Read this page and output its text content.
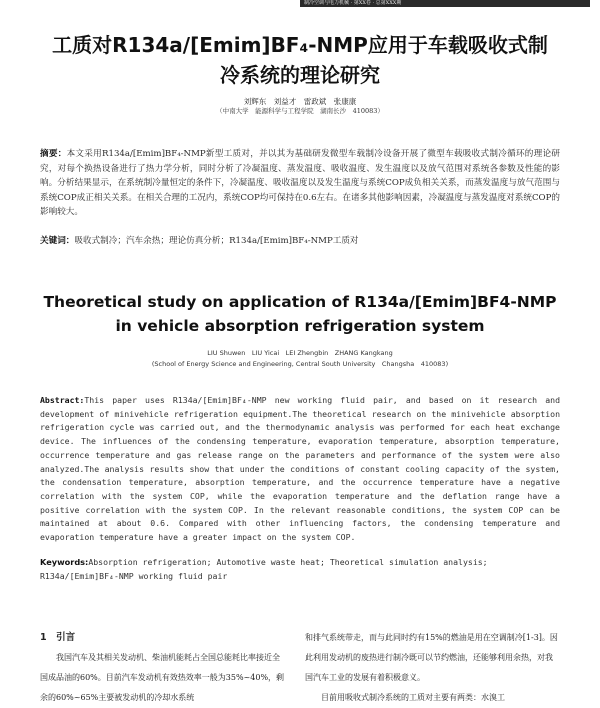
制冷空调与电力机械 · 第XX卷 · 总第XXX期
工质对R134a/[Emim]BF₄-NMP应用于车载吸收式制
冷系统的理论研究
刘辉东　刘益才　雷政斌　张康康
（中南大学　能源科学与工程学院　湖南长沙　410083）
摘要：本文采用R134a/[Emim]BF₄-NMP新型工质对，并以其为基础研发微型车载制冷设备开展了微型车载吸收式制冷循环的理论研究，对每个换热设备进行了热力学分析，同时分析了冷凝温度、蒸发温度、吸收温度、发生温度以及放气范围对系统各参数及性能的影响。分析结果显示，在系统制冷量恒定的条件下，冷凝温度、吸收温度以及发生温度与系统COP成负相关关系，而蒸发温度与放气范围与系统COP成正相关关系。在相关合理的工况内，系统COP均可保持在0.6左右。在诸多其他影响因素，冷凝温度与蒸发温度对系统COP的影响较大。
关键词：吸收式制冷；汽车余热；理论仿真分析；R134a/[Emim]BF₄-NMP工质对
Theoretical study on application of R134a/[Emim]BF4-NMP
in vehicle absorption refrigeration system
LIU Shuwen　LIU Yicai　LEI Zhengbin　ZHANG Kangkang
(School of Energy Science and Engineering, Central South University　Changsha　410083)
Abstract:This paper uses R134a/[Emim]BF₄-NMP new working fluid pair, and based on it research and development of minivehicle refrigeration equipment.The theoretical research on the minivehicle absorption refrigeration cycle was carried out, and the thermodynamic analysis was performed for each heat exchange device. The influences of the condensing temperature, evaporation temperature, absorption temperature, occurrence temperature and gas release range on the parameters and performance of the system were also analyzed.The analysis results show that under the conditions of constant cooling capacity of the system, the condensation temperature, absorption temperature, and the occurrence temperature have a negative correlation with the system COP, while the evaporation temperature and the deflation range have a positive correlation with the system COP. In the relevant reasonable conditions, the system COP can be maintained at about 0.6. Compared with other influencing factors, the condensing temperature and evaporation temperature have a greater impact on the system COP.
Keywords:Absorption refrigeration; Automotive waste heat; Theoretical simulation analysis; R134a/[Emim]BF₄-NMP working fluid pair
1　引言

我国汽车及其相关发动机、柴油机能耗占全国总能耗比率接近全国成品油的60%。目前汽车发动机有效热效率一般为35%~40%，剩余的60%~65%主要被发动机的冷却水系统

和排气系统带走，而与此同时约有15%的燃油是用在空调制冷[1-3]。因此利用发动机的废热进行制冷既可以节约燃油，还能够利用余热，对我国汽车工业的发展有着积极意义。

目前用吸收式制冷系统的工质对主要有两类：水溴工
